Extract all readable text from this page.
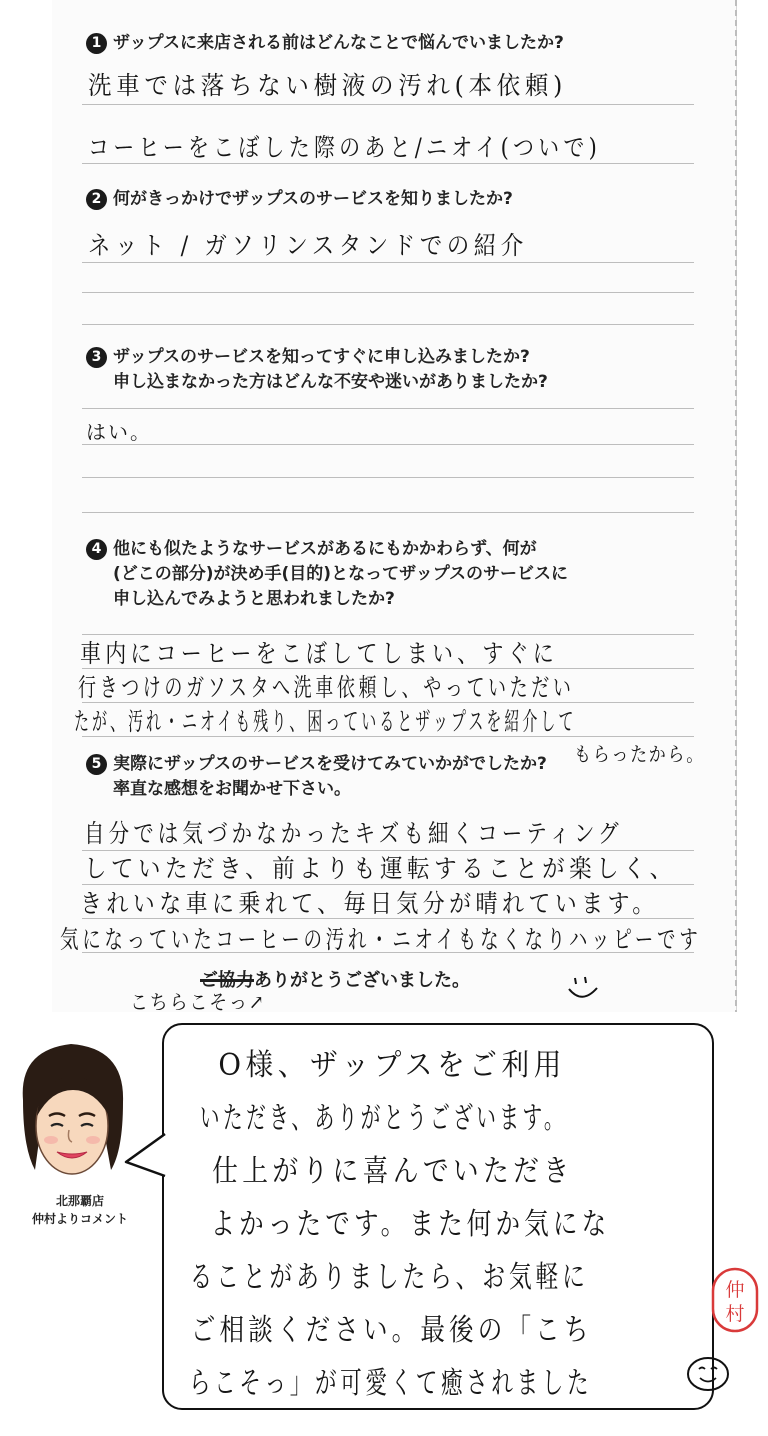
1 ザップスに来店される前はどんなことで悩んでいましたか?
洗車では落ちない樹液の汚れ(本依頼)
コーヒーをこぼした際のあと/ニオイ(ついで)
2 何がきっかけでザップスのサービスを知りましたか?
ネット / ガソリンスタンドでの紹介
3 ザップスのサービスを知ってすぐに申し込みましたか?
申し込まなかった方はどんな不安や迷いがありましたか?
はい。
4 他にも似たようなサービスがあるにもかかわらず、何が
(どこの部分)が決め手(目的)となってザップスのサービスに
申し込んでみようと思われましたか?
車内にコーヒーをこぼしてしまい、すぐに
行きつけのガソスタへ洗車依頼し、やっていただい
たが、汚れ・ニオイも残り、困っているとザップスを紹介して
もらったから。
5 実際にザップスのサービスを受けてみていかがでしたか?
率直な感想をお聞かせ下さい。
自分では気づかなかったキズも細くコーティング
していただき、前よりも運転することが楽しく、
きれいな車に乗れて、毎日気分が晴れています。
気になっていたコーヒーの汚れ・ニオイもなくなりハッピーです
ご協力ありがとうございました。
こちらこそっ↗
北那覇店
仲村よりコメント
O様、ザップスをご利用
いただき、ありがとうございます。
仕上がりに喜んでいただき
よかったです。また何か気にな
ることがありましたら、お気軽に
ご相談ください。最後の「こち
らこそっ」が可愛くて癒されました
仲
村
